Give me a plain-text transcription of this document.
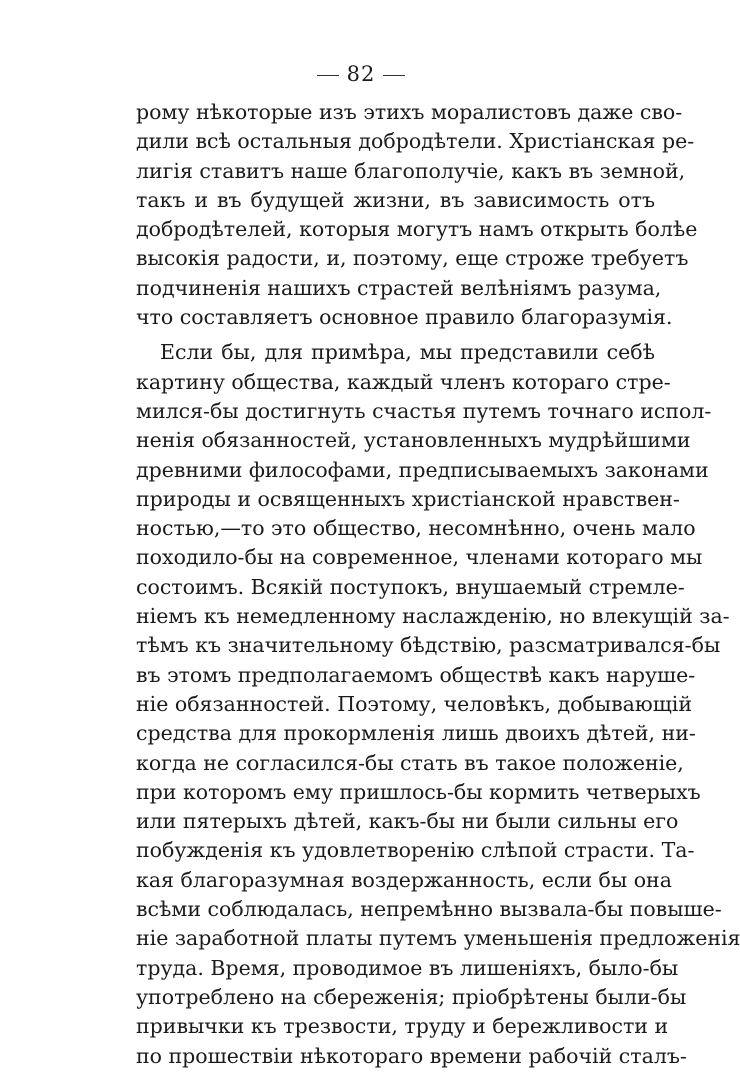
82
рому нѣкоторые изъ этихъ моралистовъ даже сво-
дили всѣ остальныя добродѣтели. Христіанская ре-
лигія ставитъ наше благополучіе, какъ въ земной,
такъ и въ будущей жизни, въ зависимость отъ
добродѣтелей, которыя могутъ намъ открыть болѣе
высокія радости, и, поэтому, еще строже требуетъ
подчиненія нашихъ страстей велѣніямъ разума,
что составляетъ основное правило благоразумія.
Если бы, для примѣра, мы представили себѣ
картину общества, каждый членъ котораго стре-
мился-бы достигнуть счастья путемъ точнаго испол-
ненія обязанностей, установленныхъ мудрѣйшими
древними философами, предписываемыхъ законами
природы и освященныхъ христіанской нравствен-
ностью,—то это общество, несомнѣнно, очень мало
походило-бы на современное, членами котораго мы
состоимъ. Всякій поступокъ, внушаемый стремле-
ніемъ къ немедленному наслажденію, но влекущій за-
тѣмъ къ значительному бѣдствію, разсматривался-бы
въ этомъ предполагаемомъ обществѣ какъ наруше-
ніе обязанностей. Поэтому, человѣкъ, добывающій
средства для прокормленія лишь двоихъ дѣтей, ни-
когда не согласился-бы стать въ такое положеніе,
при которомъ ему пришлось-бы кормить четверыхъ
или пятерыхъ дѣтей, какъ-бы ни были сильны его
побужденія къ удовлетворенію слѣпой страсти. Та-
кая благоразумная воздержанность, если бы она
всѣми соблюдалась, непремѣнно вызвала-бы повыше-
ніе заработной платы путемъ уменьшенія предложенія
труда. Время, проводимое въ лишеніяхъ, было-бы
употреблено на сбереженія; пріобрѣтены были-бы
привычки къ трезвости, труду и бережливости и
по прошествіи нѣкотораго времени рабочій сталъ-
